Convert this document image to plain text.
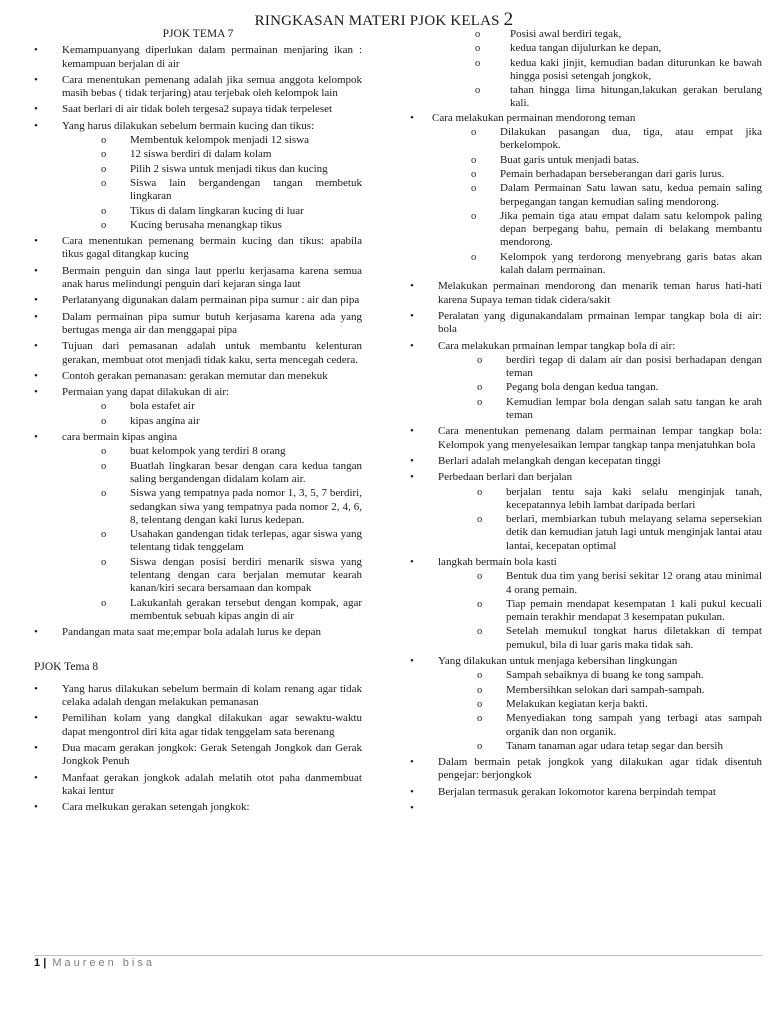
RINGKASAN MATERI PJOK KELAS 2
PJOK TEMA 7
• Kemampuanyang diperlukan dalam permainan menjaring ikan : kemampuan berjalan di air
• Cara menentukan pemenang adalah jika semua anggota kelompok masih bebas ( tidak terjaring) atau terjebak oleh kelompok lain
• Saat berlari di air tidak boleh tergesa2 supaya tidak terpeleset
• Yang harus dilakukan sebelum bermain kucing dan tikus:
o Membentuk kelompok menjadi 12 siswa
o 12 siswa berdiri di dalam kolam
o Pilih 2 siswa untuk menjadi tikus dan kucing
o Siswa lain bergandengan tangan membetuk lingkaran
o Tikus di dalam lingkaran kucing di luar
o Kucing berusaha menangkap tikus
• Cara menentukan pemenang bermain kucing dan tikus: apabila tikus gagal ditangkap kucing
• Bermain penguin dan singa laut pperlu kerjasama karena semua anak harus melindungi penguin dari kejaran singa laut
• Perlatanyang digunakan dalam permainan pipa sumur : air dan pipa
• Dalam permainan pipa sumur butuh kerjasama karena ada yang bertugas menga air dan menggapai pipa
• Tujuan dari pemasanan adalah untuk membantu kelenturan gerakan, membuat otot menjadi tidak kaku, serta mencegah cedera.
• Contoh gerakan pemanasan: gerakan memutar dan menekuk
• Permaian yang dapat dilakukan di air:
o bola estafet air
o kipas angina air
• cara bermain kipas angina
o buat kelompok yang terdiri 8 orang
o Buatlah lingkaran besar dengan cara kedua tangan saling bergandengan didalam kolam air.
o Siswa yang tempatnya pada nomor 1, 3, 5, 7 berdiri, sedangkan siwa yang tempatnya pada nomor 2, 4, 6, 8, telentang dengan kaki lurus kedepan.
o Usahakan gandengan tidak terlepas, agar siswa yang telentang tidak tenggelam
o Siswa dengan posisi berdiri menarik siswa yang telentang dengan cara berjalan memutar kearah kanan/kiri secara bersamaan dan kompak
o Lakukanlah gerakan tersebut dengan kompak, agar membentuk sebuah kipas angin di air
• Pandangan mata saat me;empar bola adalah lurus ke depan
PJOK Tema 8
• Yang harus dilakukan sebelum bermain di kolam renang agar tidak celaka adalah dengan melakukan pemanasan
• Pemilihan kolam yang dangkal dilakukan agar sewaktu-waktu dapat mengontrol diri kita agar tidak tenggelam sata berenang
• Dua macam gerakan jongkok: Gerak Setengah Jongkok dan Gerak Jongkok Penuh
• Manfaat gerakan jongkok adalah melatih otot paha danmembuat kakai lentur
• Cara melkukan gerakan setengah jongkok:
o Posisi awal berdiri tegak,
o kedua tangan dijulurkan ke depan,
o kedua kaki jinjit, kemudian badan diturunkan ke bawah hingga posisi setengah jongkok,
o tahan hingga lima hitungan,lakukan gerakan berulang kali.
• Cara melakukan permainan mendorong teman
o Dilakukan pasangan dua, tiga, atau empat jika berkelompok.
o Buat garis untuk menjadi batas.
o Pemain berhadapan berseberangan dari garis lurus.
o Dalam Permainan Satu lawan satu, kedua pemain saling berpegangan tangan kemudian saling mendorong.
o Jika pemain tiga atau empat dalam satu kelompok paling depan berpegang bahu, pemain di belakang membantu mendorong.
o Kelompok yang terdorong menyebrang garis batas akan kalah dalam permainan.
• Melakukan permainan mendorong dan menarik teman harus hati-hati karena Supaya teman tidak cidera/sakit
• Peralatan yang digunakandalam prmainan lempar tangkap bola di air: bola
• Cara melakukan prmainan lempar tangkap bola di air:
o berdiri tegap di dalam air dan posisi berhadapan dengan teman
o Pegang bola dengan kedua tangan.
o Kemudian lempar bola dengan salah satu tangan ke arah teman
• Cara menentukan pemenang dalam permainan lempar tangkap bola: Kelompok yang menyelesaikan lempar tangkap tanpa menjatuhkan bola
• Berlari adalah melangkah dengan kecepatan tinggi
• Perbedaan berlari dan berjalan
o berjalan tentu saja kaki selalu menginjak tanah, kecepatannya lebih lambat daripada berlari
o berlari, membiarkan tubuh melayang selama sepersekian detik dan kemudian jatuh lagi untuk menginjak lantai atau lantai, kecepatan optimal
• langkah bermain bola kasti
o Bentuk dua tim yang berisi sekitar 12 orang atau minimal 4 orang pemain.
o Tiap pemain mendapat kesempatan 1 kali pukul kecuali pemain terakhir mendapat 3 kesempatan pukulan.
o Setelah memukul tongkat harus diletakkan di tempat pemukul, bila di luar garis maka tidak sah.
• Yang dilakukan untuk menjaga kebersihan lingkungan
o Sampah sebaiknya di buang ke tong sampah.
o Membersihkan selokan dari sampah-sampah.
o Melakukan kegiatan kerja bakti.
o Menyediakan tong sampah yang terbagi atas sampah organik dan non organik.
o Tanam tanaman agar udara tetap segar dan bersih
• Dalam bermain petak jongkok yang dilakukan agar tidak disentuh pengejar: berjongkok
• Berjalan termasuk gerakan lokomotor karena berpindah tempat
1 | Maureen bisa
